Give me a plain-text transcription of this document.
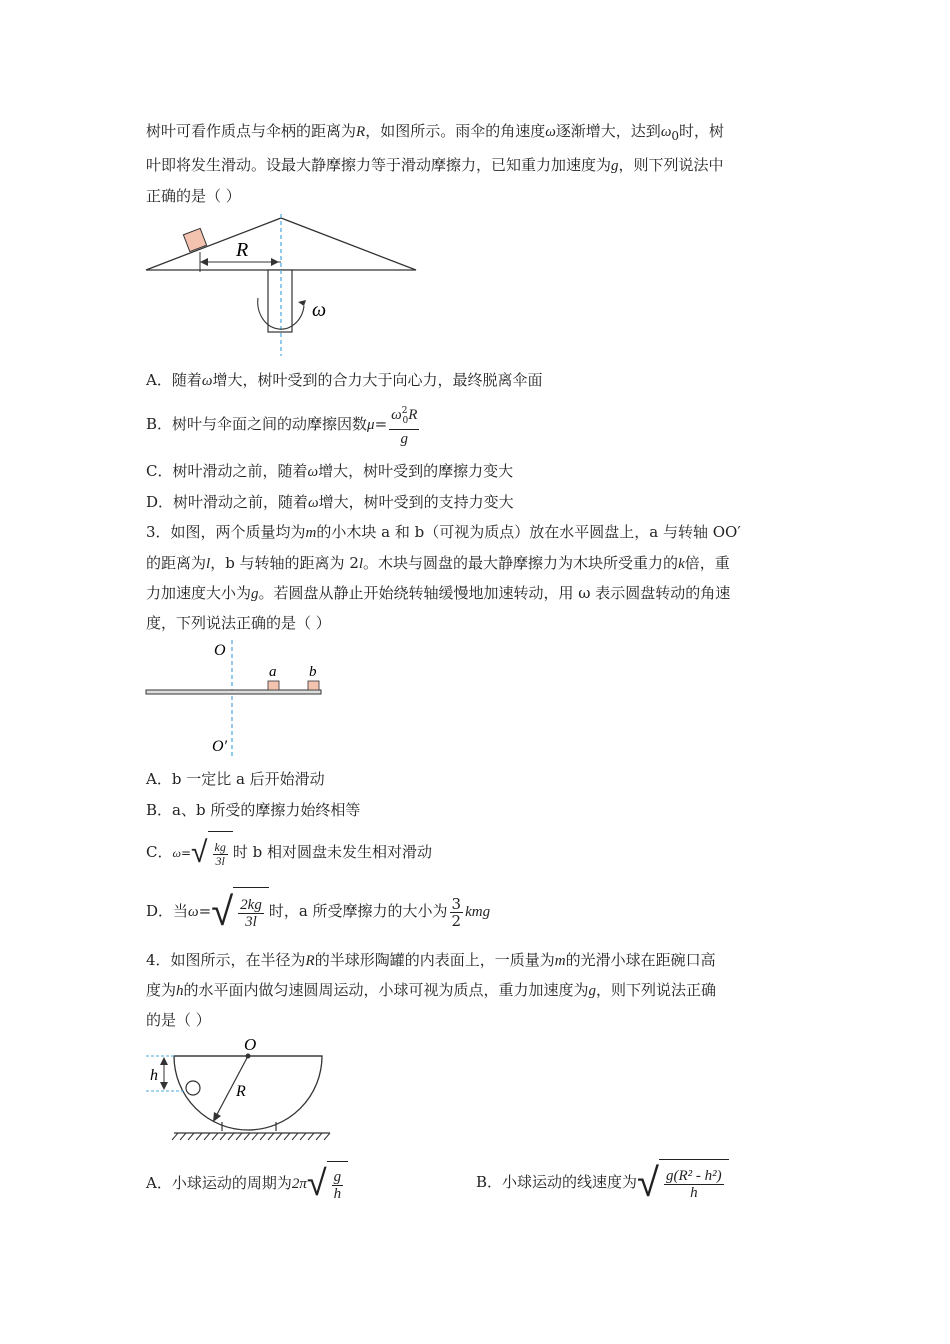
树叶可看作质点与伞柄的距离为R，如图所示。雨伞的角速度ω逐渐增大，达到$\omega_0$时，树
叶即将发生滑动。设最大静摩擦力等于滑动摩擦力，已知重力加速度为g，则下列说法中
正确的是（ ）
R
ω
A．随着ω增大，树叶受到的合力大于向心力，最终脱离伞面
B．树叶与伞面之间的动摩擦因数$\mu= \frac{\omega^2_0R}{g}$
C．树叶滑动之前，随着ω增大，树叶受到的摩擦力变大
D．树叶滑动之前，随着ω增大，树叶受到的支持力变大
3．如图，两个质量均为m的小木块 a 和 b（可视为质点）放在水平圆盘上，a 与转轴 OO′
的距离为l，b 与转轴的距离为 2l。木块与圆盘的最大静摩擦力为木块所受重力的k倍，重
力加速度大小为g。若圆盘从静止开始绕转轴缓慢地加速转动，用 ω 表示圆盘转动的角速
度，下列说法正确的是（ ）
O
O′
a b
A．b 一定比 a 后开始滑动
B．a、b 所受的摩擦力始终相等
C．$\omega=√ \frac{kg}{3l}$ 时 b 相对圆盘未发生相对滑动
D．当$\omega=√ \frac{2kg}{3l}$ 时，a 所受摩擦力的大小为 $\frac{3}{2}$ kmg
4．如图所示，在半径为R的半球形陶罐的内表面上，一质量为m的光滑小球在距碗口高
度为h的水平面内做匀速圆周运动，小球可视为质点，重力加速度为g，则下列说法正确
的是（ ）
O
R
h
A．小球运动的周期为$2\pi√ \frac{g}{h}$	B．小球运动的线速度为√ $\frac{\text{g(R² - h²)}}{h}$
